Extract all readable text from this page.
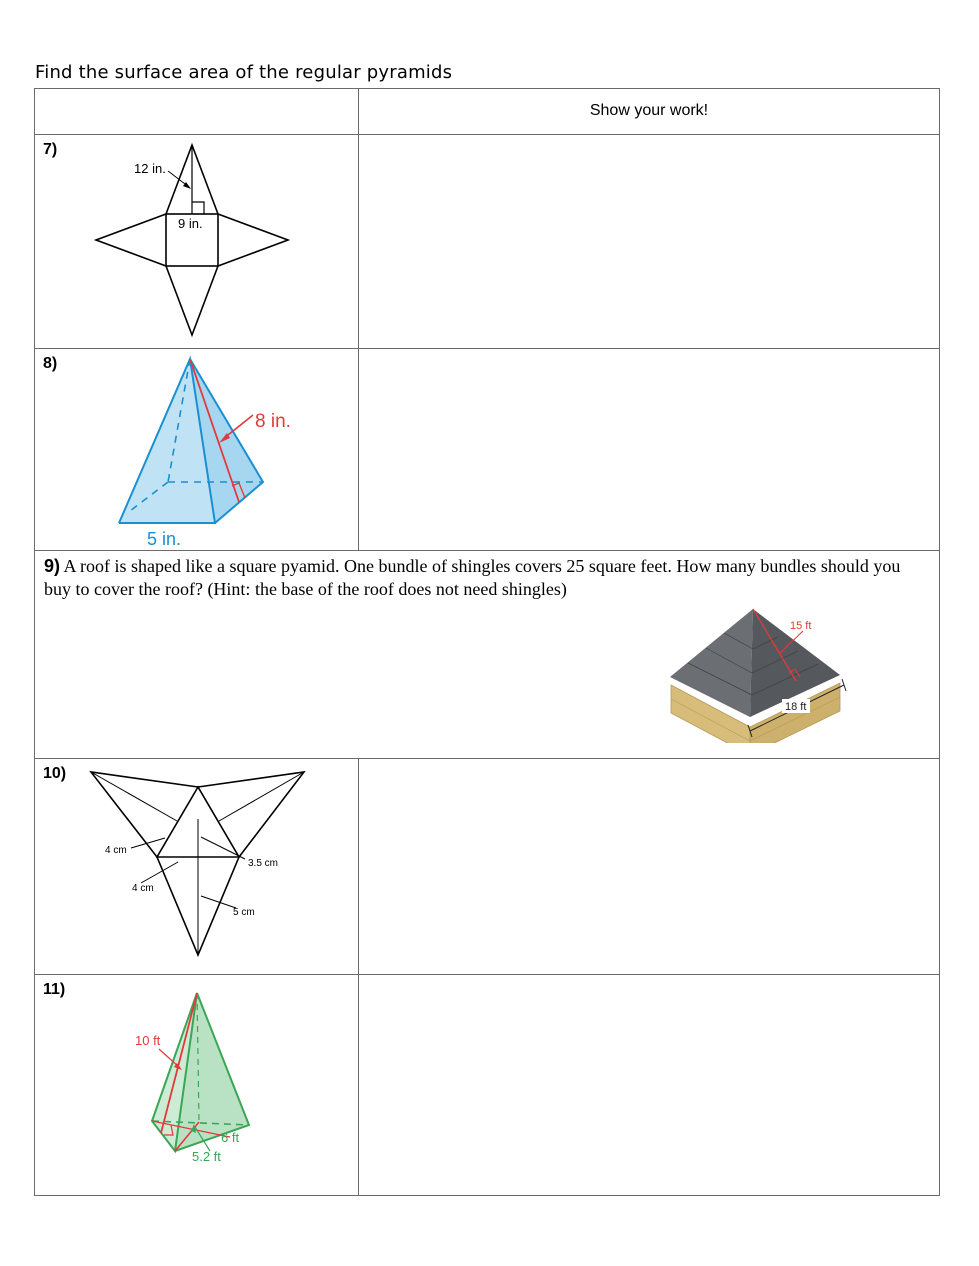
Find the surface area of the regular pyramids
Show your work!
7)
12 in.
9 in.
8)
8 in.
5 in.
9) A roof is shaped like a square pyamid. One bundle of shingles covers 25 square feet. How many bundles should you buy to cover the roof? (Hint: the base of the roof does not need shingles)
15 ft
18 ft
10)
4 cm
3.5 cm
4 cm
5 cm
11)
10 ft
6 ft
5.2 ft
